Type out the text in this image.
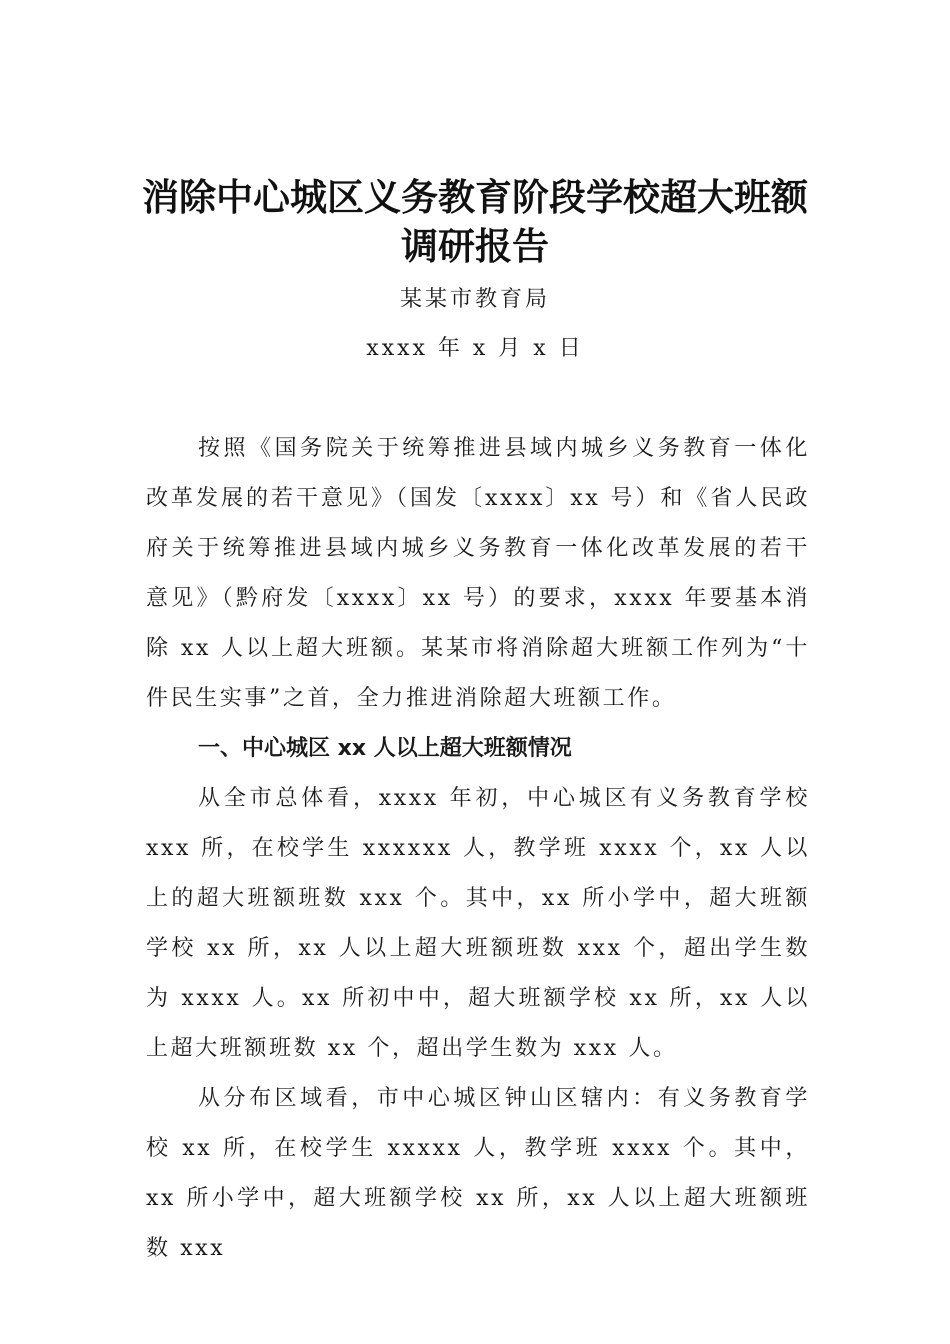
消除中心城区义务教育阶段学校超大班额
调研报告

某某市教育局

xxxx 年 x 月 x 日

按照《国务院关于统筹推进县域内城乡义务教育一体化改革发展的若干意见》（国发〔xxxx〕xx 号）和《省人民政府关于统筹推进县域内城乡义务教育一体化改革发展的若干意见》（黔府发〔xxxx〕xx 号）的要求，xxxx 年要基本消除 xx 人以上超大班额。某某市将消除超大班额工作列为“十件民生实事”之首，全力推进消除超大班额工作。

一、中心城区 xx 人以上超大班额情况

从全市总体看，xxxx 年初，中心城区有义务教育学校 xxx 所，在校学生 xxxxxx 人，教学班 xxxx 个，xx 人以上的超大班额班数 xxx 个。其中，xx 所小学中，超大班额学校 xx 所，xx 人以上超大班额班数 xxx 个，超出学生数为 xxxx 人。xx 所初中中，超大班额学校 xx 所，xx 人以上超大班额班数 xx 个，超出学生数为 xxx 人。

从分布区域看，市中心城区钟山区辖内：有义务教育学校 xx 所，在校学生 xxxxx 人，教学班 xxxx 个。其中，xx 所小学中，超大班额学校 xx 所，xx 人以上超大班额班数 xxx
